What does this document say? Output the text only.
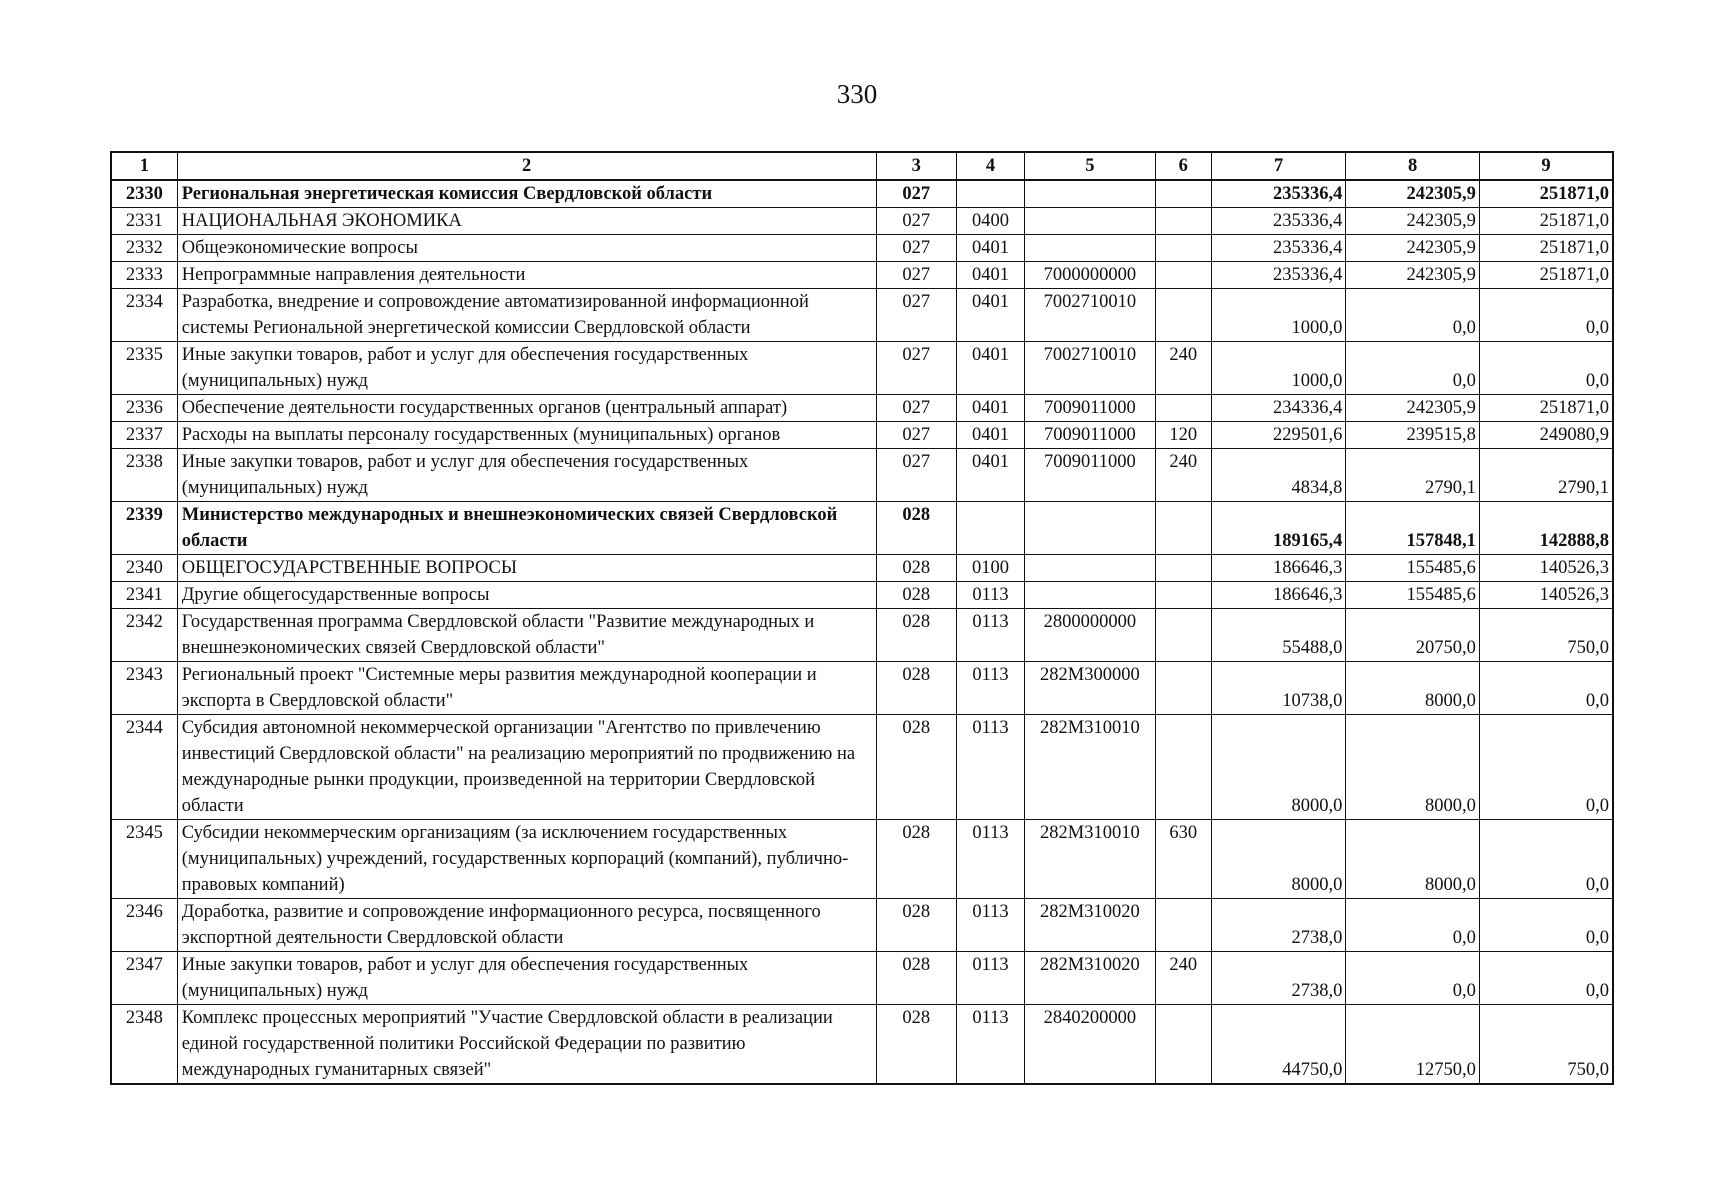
330
1	2	3	4	5	6	7	8	9
2330	Региональная энергетическая комиссия Свердловской области	027				235336,4	242305,9	251871,0
2331	НАЦИОНАЛЬНАЯ ЭКОНОМИКА	027	0400			235336,4	242305,9	251871,0
2332	Общеэкономические вопросы	027	0401			235336,4	242305,9	251871,0
2333	Непрограммные направления деятельности	027	0401	7000000000		235336,4	242305,9	251871,0
2334	Разработка, внедрение и сопровождение автоматизированной информационной системы Региональной энергетической комиссии Свердловской области	027	0401	7002710010		1000,0	0,0	0,0
2335	Иные закупки товаров, работ и услуг для обеспечения государственных (муниципальных) нужд	027	0401	7002710010	240	1000,0	0,0	0,0
2336	Обеспечение деятельности государственных органов (центральный аппарат)	027	0401	7009011000		234336,4	242305,9	251871,0
2337	Расходы на выплаты персоналу государственных (муниципальных) органов	027	0401	7009011000	120	229501,6	239515,8	249080,9
2338	Иные закупки товаров, работ и услуг для обеспечения государственных (муниципальных) нужд	027	0401	7009011000	240	4834,8	2790,1	2790,1
2339	Министерство международных и внешнеэкономических связей Свердловской области	028				189165,4	157848,1	142888,8
2340	ОБЩЕГОСУДАРСТВЕННЫЕ ВОПРОСЫ	028	0100			186646,3	155485,6	140526,3
2341	Другие общегосударственные вопросы	028	0113			186646,3	155485,6	140526,3
2342	Государственная программа Свердловской области "Развитие международных и внешнеэкономических связей Свердловской области"	028	0113	2800000000		55488,0	20750,0	750,0
2343	Региональный проект "Системные меры развития международной кооперации и экспорта в Свердловской области"	028	0113	282M300000		10738,0	8000,0	0,0
2344	Субсидия автономной некоммерческой организации "Агентство по привлечению инвестиций Свердловской области" на реализацию мероприятий по продвижению на международные рынки продукции, произведенной на территории Свердловской области	028	0113	282M310010		8000,0	8000,0	0,0
2345	Субсидии некоммерческим организациям (за исключением государственных (муниципальных) учреждений, государственных корпораций (компаний), публично-правовых компаний)	028	0113	282M310010	630	8000,0	8000,0	0,0
2346	Доработка, развитие и сопровождение информационного ресурса, посвященного экспортной деятельности Свердловской области	028	0113	282M310020		2738,0	0,0	0,0
2347	Иные закупки товаров, работ и услуг для обеспечения государственных (муниципальных) нужд	028	0113	282M310020	240	2738,0	0,0	0,0
2348	Комплекс процессных мероприятий "Участие Свердловской области в реализации единой государственной политики Российской Федерации по развитию международных гуманитарных связей"	028	0113	2840200000		44750,0	12750,0	750,0
